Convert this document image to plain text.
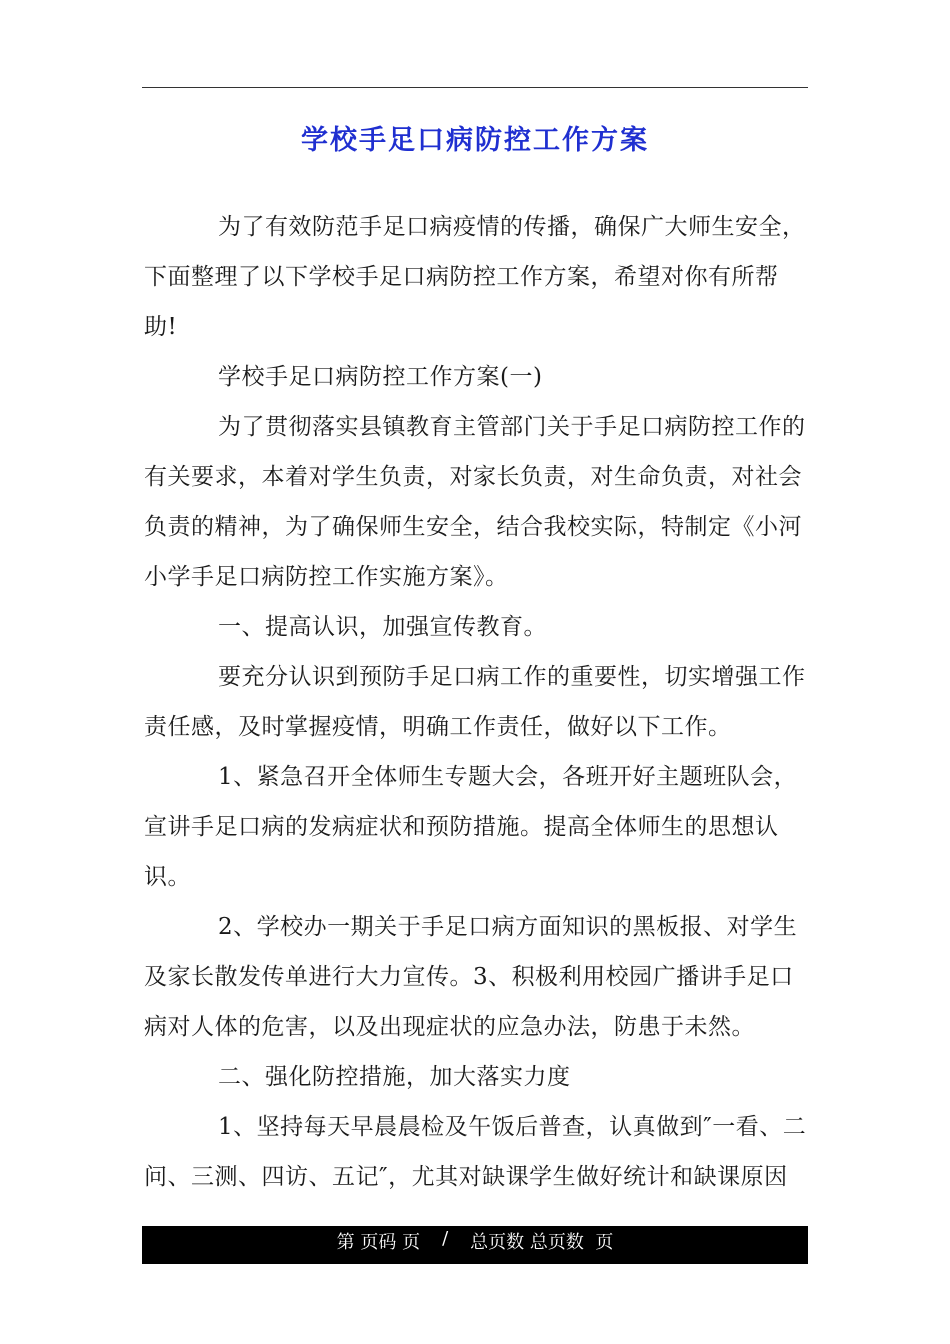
学校手足口病防控工作方案

为了有效防范手足口病疫情的传播，确保广大师生安全，下面整理了以下学校手足口病防控工作方案，希望对你有所帮助!

学校手足口病防控工作方案(一)

为了贯彻落实县镇教育主管部门关于手足口病防控工作的有关要求，本着对学生负责，对家长负责，对生命负责，对社会负责的精神，为了确保师生安全，结合我校实际，特制定《小河小学手足口病防控工作实施方案》。

一、提高认识，加强宣传教育。

要充分认识到预防手足口病工作的重要性，切实增强工作责任感，及时掌握疫情，明确工作责任，做好以下工作。

1、紧急召开全体师生专题大会，各班开好主题班队会，宣讲手足口病的发病症状和预防措施。提高全体师生的思想认识。

2、学校办一期关于手足口病方面知识的黑板报、对学生及家长散发传单进行大力宣传。3、积极利用校园广播讲手足口病对人体的危害，以及出现症状的应急办法，防患于未然。

二、强化防控措施，加大落实力度

1、坚持每天早晨晨检及午饭后普查，认真做到″一看、二问、三测、四访、五记″，尤其对缺课学生做好统计和缺课原因

第 页码 页 / 总页数 总页数  页
